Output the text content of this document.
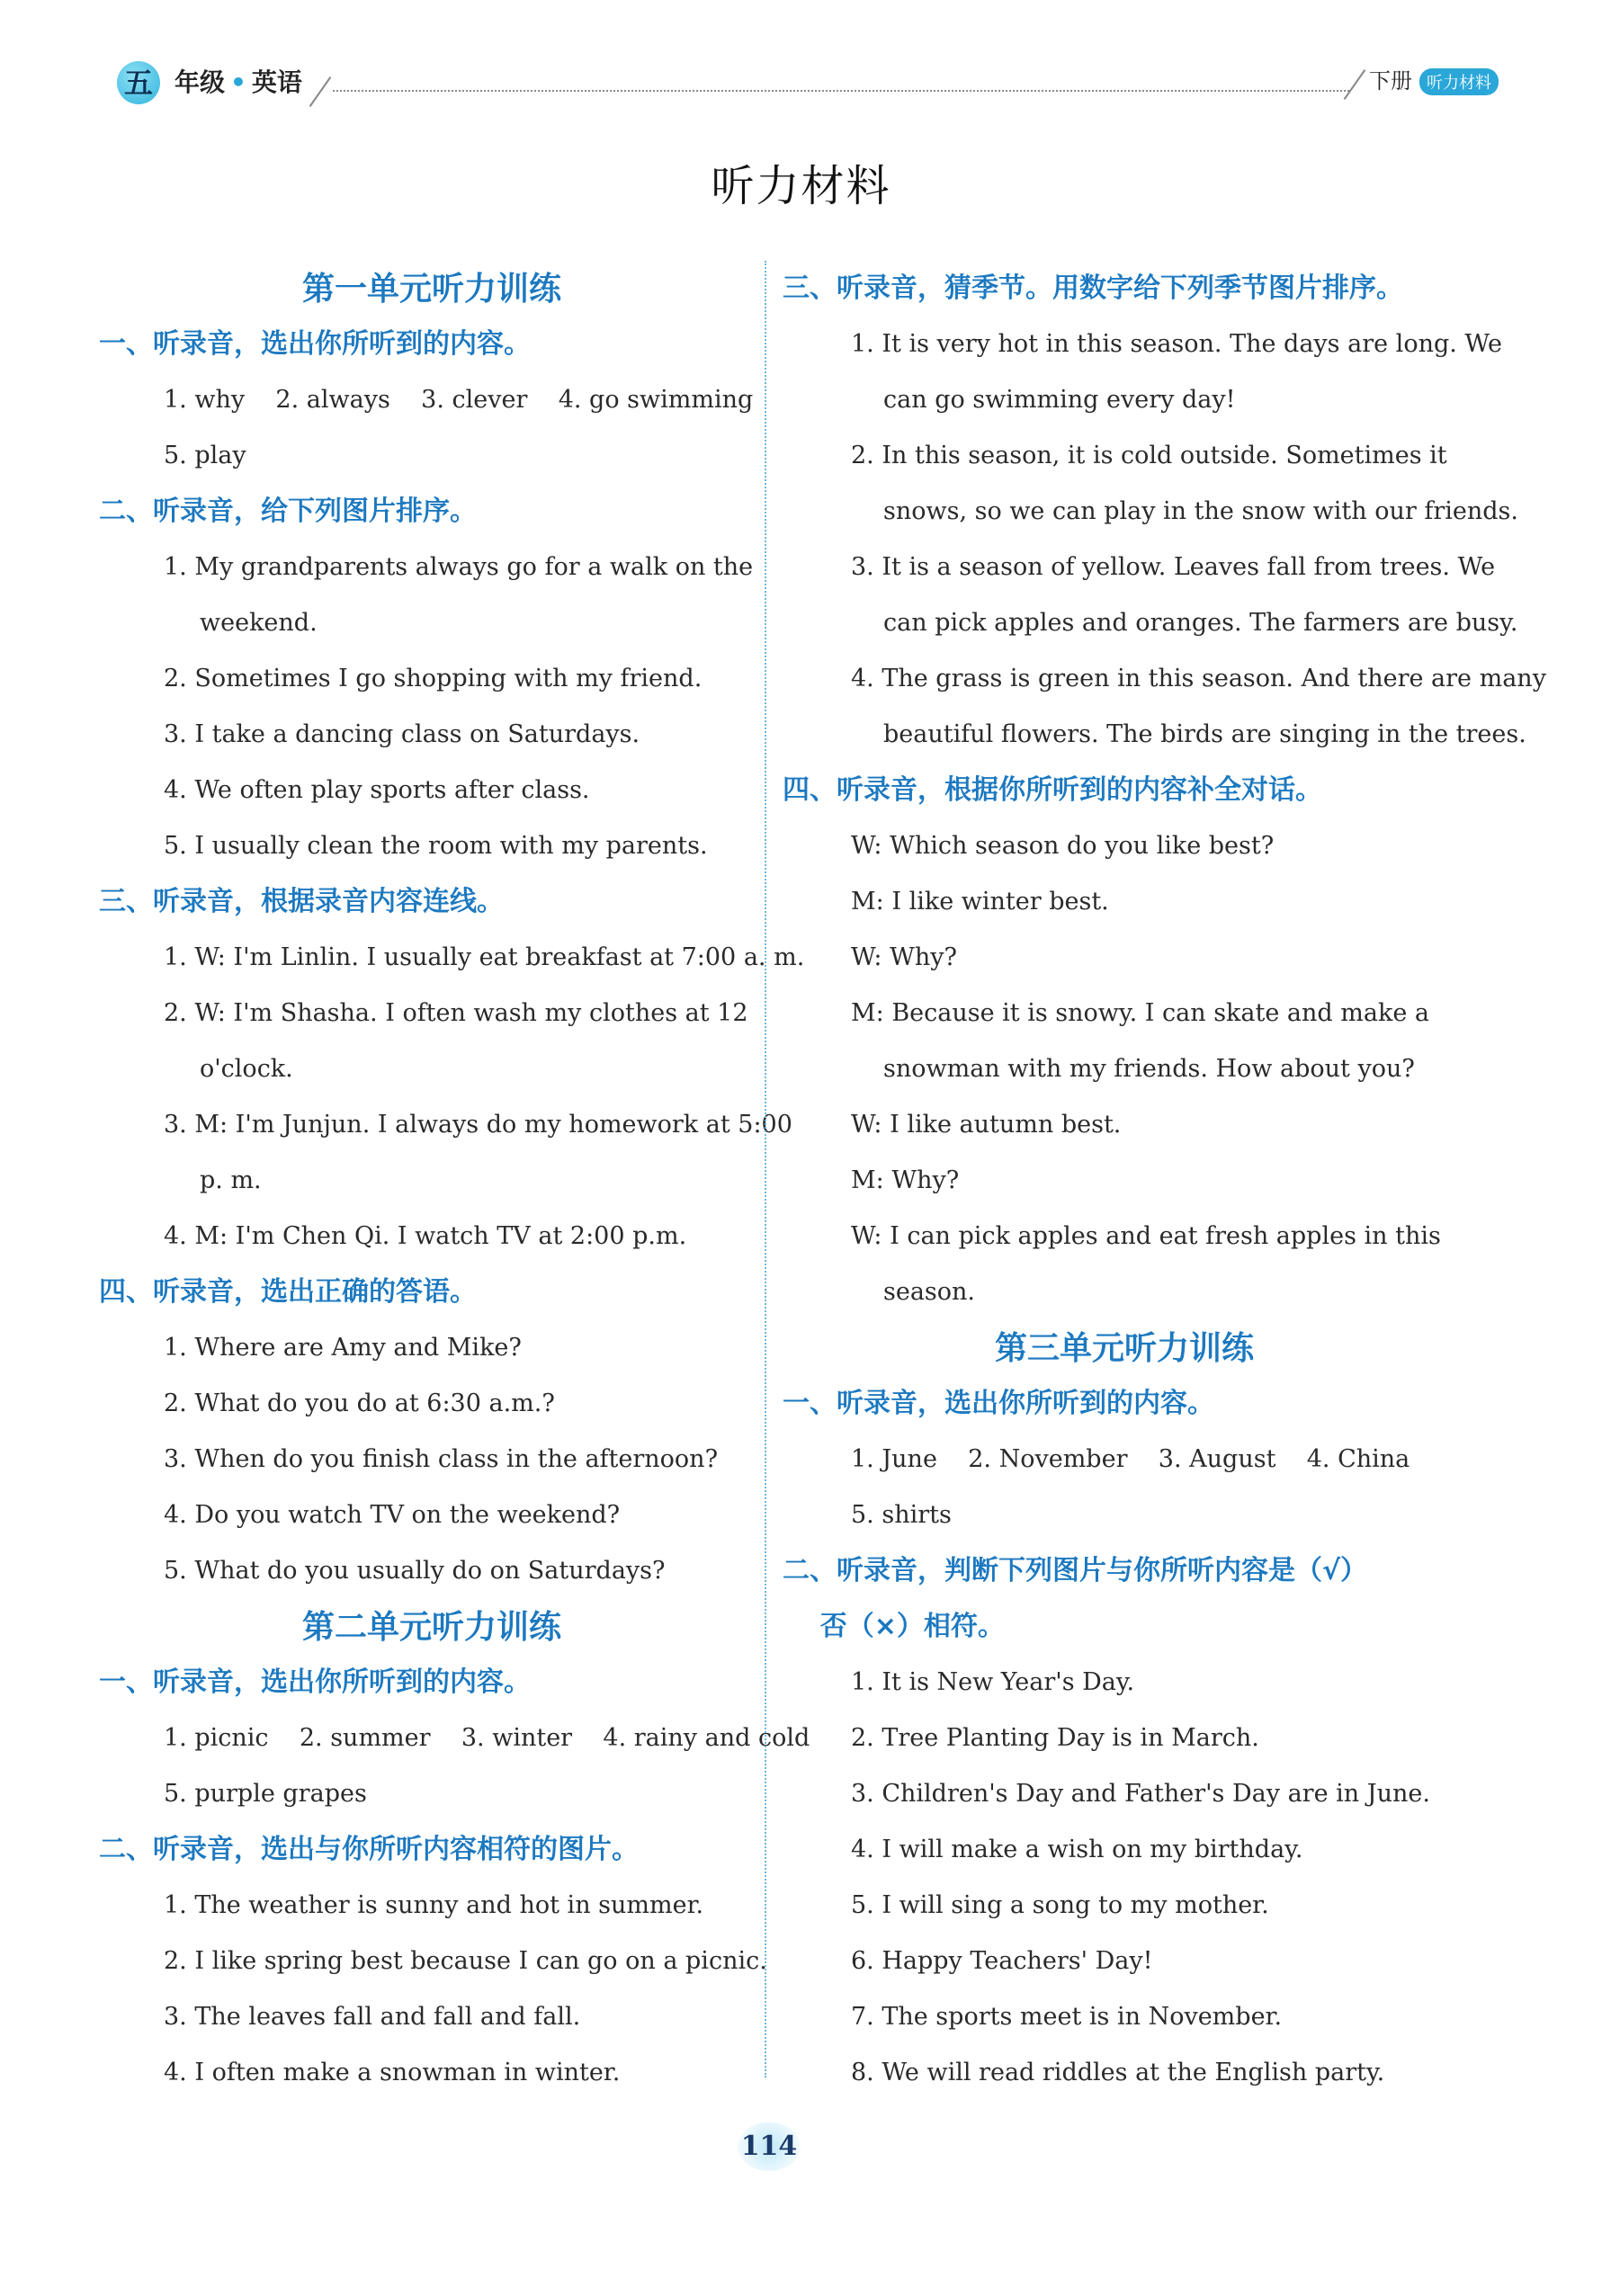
五 年级 • 英语	下册 听力材料
听力材料
第一单元听力训练
一、听录音，选出你所听到的内容。
1. why    2. always    3. clever    4. go swimming
5. play
二、听录音，给下列图片排序。
1. My grandparents always go for a walk on the
weekend.
2. Sometimes I go shopping with my friend.
3. I take a dancing class on Saturdays.
4. We often play sports after class.
5. I usually clean the room with my parents.
三、听录音，根据录音内容连线。
1. W: I'm Linlin. I usually eat breakfast at 7:00 a. m.
2. W: I'm Shasha. I often wash my clothes at 12
o'clock.
3. M: I'm Junjun. I always do my homework at 5:00
p. m.
4. M: I'm Chen Qi. I watch TV at 2:00 p.m.
四、听录音，选出正确的答语。
1. Where are Amy and Mike?
2. What do you do at 6:30 a.m.?
3. When do you finish class in the afternoon?
4. Do you watch TV on the weekend?
5. What do you usually do on Saturdays?
第二单元听力训练
一、听录音，选出你所听到的内容。
1. picnic    2. summer    3. winter    4. rainy and cold
5. purple grapes
二、听录音，选出与你所听内容相符的图片。
1. The weather is sunny and hot in summer.
2. I like spring best because I can go on a picnic.
3. The leaves fall and fall and fall.
4. I often make a snowman in winter.
三、听录音，猜季节。用数字给下列季节图片排序。
1. It is very hot in this season. The days are long. We
can go swimming every day!
2. In this season, it is cold outside. Sometimes it
snows, so we can play in the snow with our friends.
3. It is a season of yellow. Leaves fall from trees. We
can pick apples and oranges. The farmers are busy.
4. The grass is green in this season. And there are many
beautiful flowers. The birds are singing in the trees.
四、听录音，根据你所听到的内容补全对话。
W: Which season do you like best?
M: I like winter best.
W: Why?
M: Because it is snowy. I can skate and make a
snowman with my friends. How about you?
W: I like autumn best.
M: Why?
W: I can pick apples and eat fresh apples in this
season.
第三单元听力训练
一、听录音，选出你所听到的内容。
1. June    2. November    3. August    4. China
5. shirts
二、听录音，判断下列图片与你所听内容是（√）
否（×）相符。
1. It is New Year's Day.
2. Tree Planting Day is in March.
3. Children's Day and Father's Day are in June.
4. I will make a wish on my birthday.
5. I will sing a song to my mother.
6. Happy Teachers' Day!
7. The sports meet is in November.
8. We will read riddles at the English party.
114
